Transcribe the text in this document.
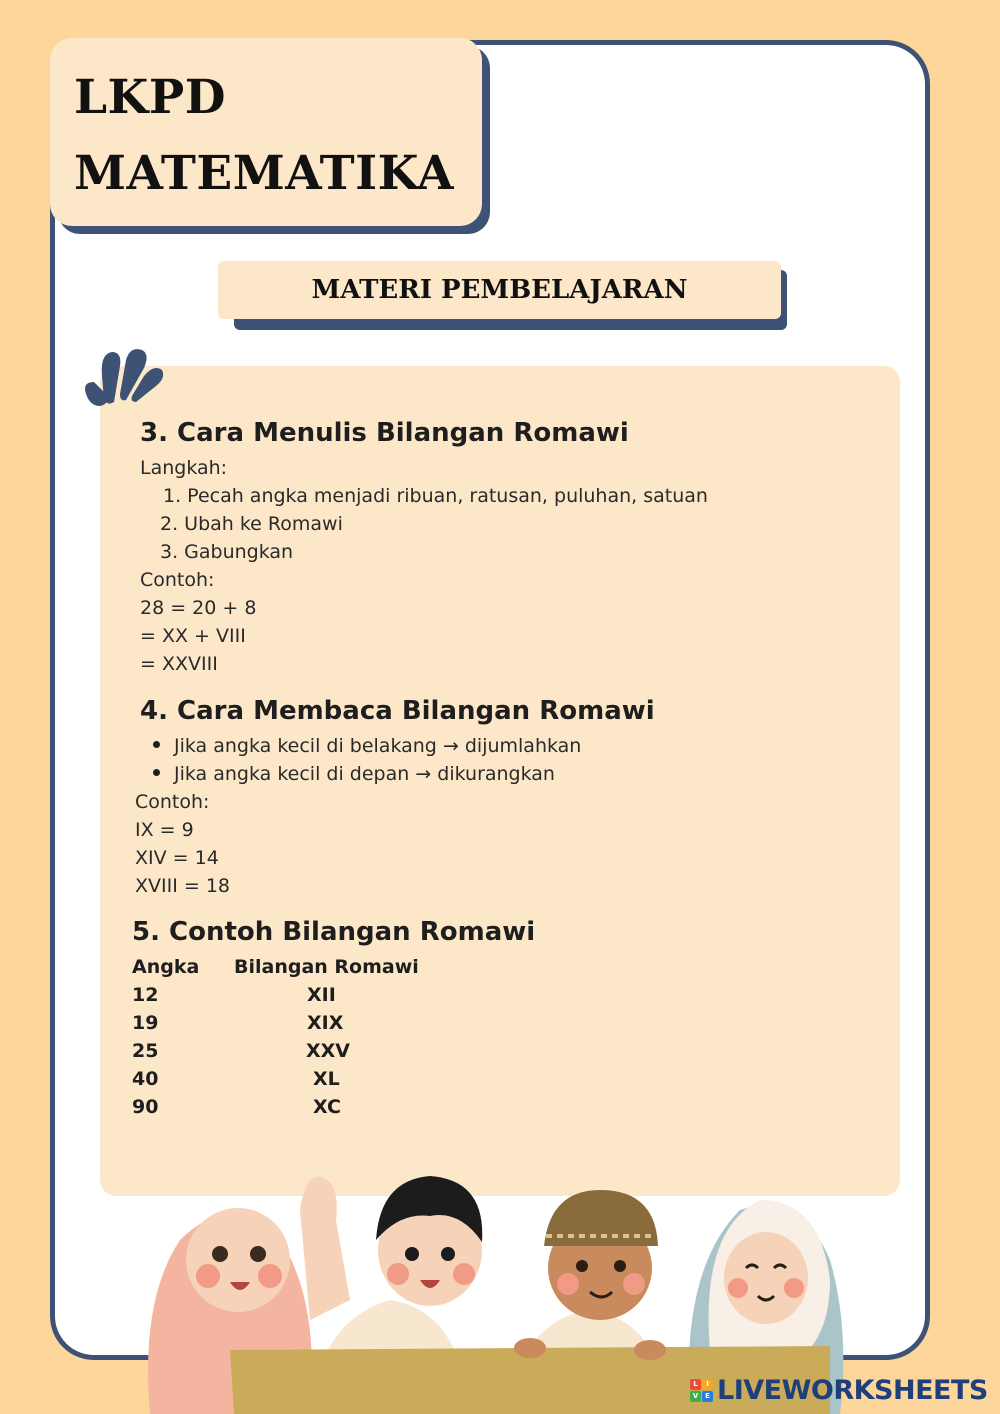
LKPD
MATEMATIKA
MATERI PEMBELAJARAN
3. Cara Menulis Bilangan Romawi
Langkah:
1. Pecah angka menjadi ribuan, ratusan, puluhan, satuan
2. Ubah ke Romawi
3. Gabungkan
Contoh:
28 = 20 + 8
= XX + VIII
= XXVIII
4. Cara Membaca Bilangan Romawi
Jika angka kecil di belakang → dijumlahkan
Jika angka kecil di depan → dikurangkan
Contoh:
IX = 9
XIV = 14
XVIII = 18
5. Contoh Bilangan Romawi
Angka Bilangan Romawi
12	XII
19	XIX
25	XXV
40	XL
90	XC
L	I
V E LIVEWORKSHEETS
